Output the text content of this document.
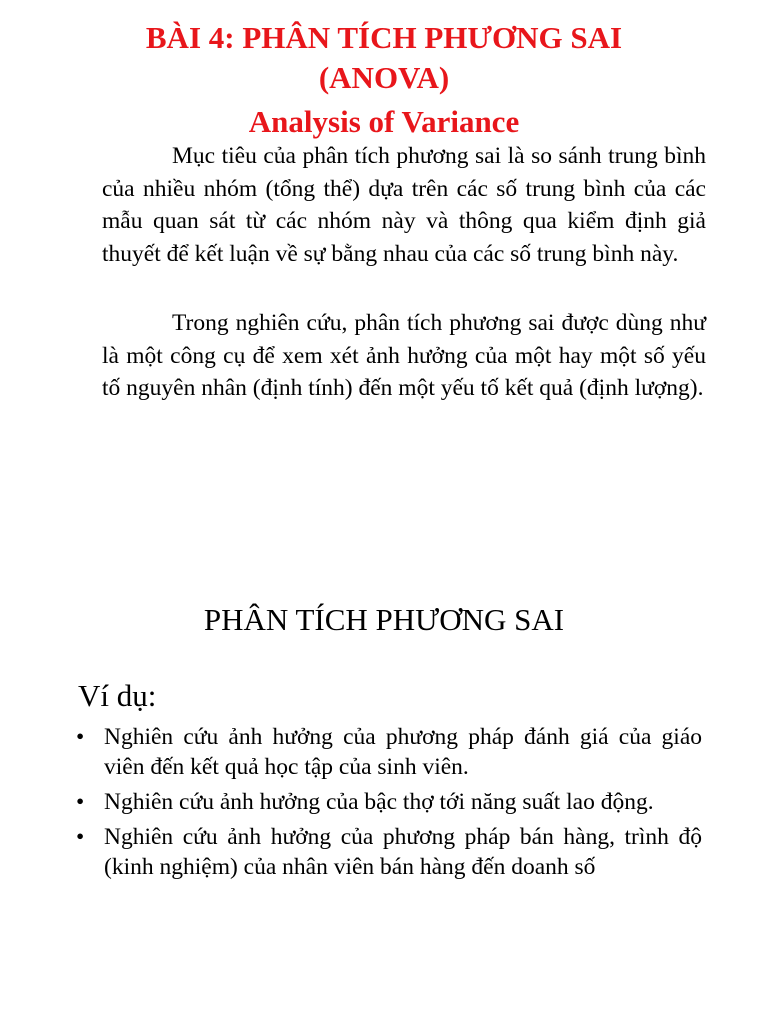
BÀI 4: PHÂN TÍCH PHƯƠNG SAI
(ANOVA)
Analysis of Variance

Mục tiêu của phân tích phương sai là so sánh trung bình của nhiều nhóm (tổng thể) dựa trên các số trung bình của các mẫu quan sát từ các nhóm này và thông qua kiểm định giả thuyết để kết luận về sự bằng nhau của các số trung bình này.

Trong nghiên cứu, phân tích phương sai được dùng như là một công cụ để xem xét ảnh hưởng của một hay một số yếu tố nguyên nhân (định tính) đến một yếu tố kết quả (định lượng).

PHÂN TÍCH PHƯƠNG SAI

Ví dụ:

• Nghiên cứu ảnh hưởng của phương pháp đánh giá của giáo viên đến kết quả học tập của sinh viên.
• Nghiên cứu ảnh hưởng của bậc thợ tới năng suất lao động.
• Nghiên cứu ảnh hưởng của phương pháp bán hàng, trình độ (kinh nghiệm) của nhân viên bán hàng đến doanh số
